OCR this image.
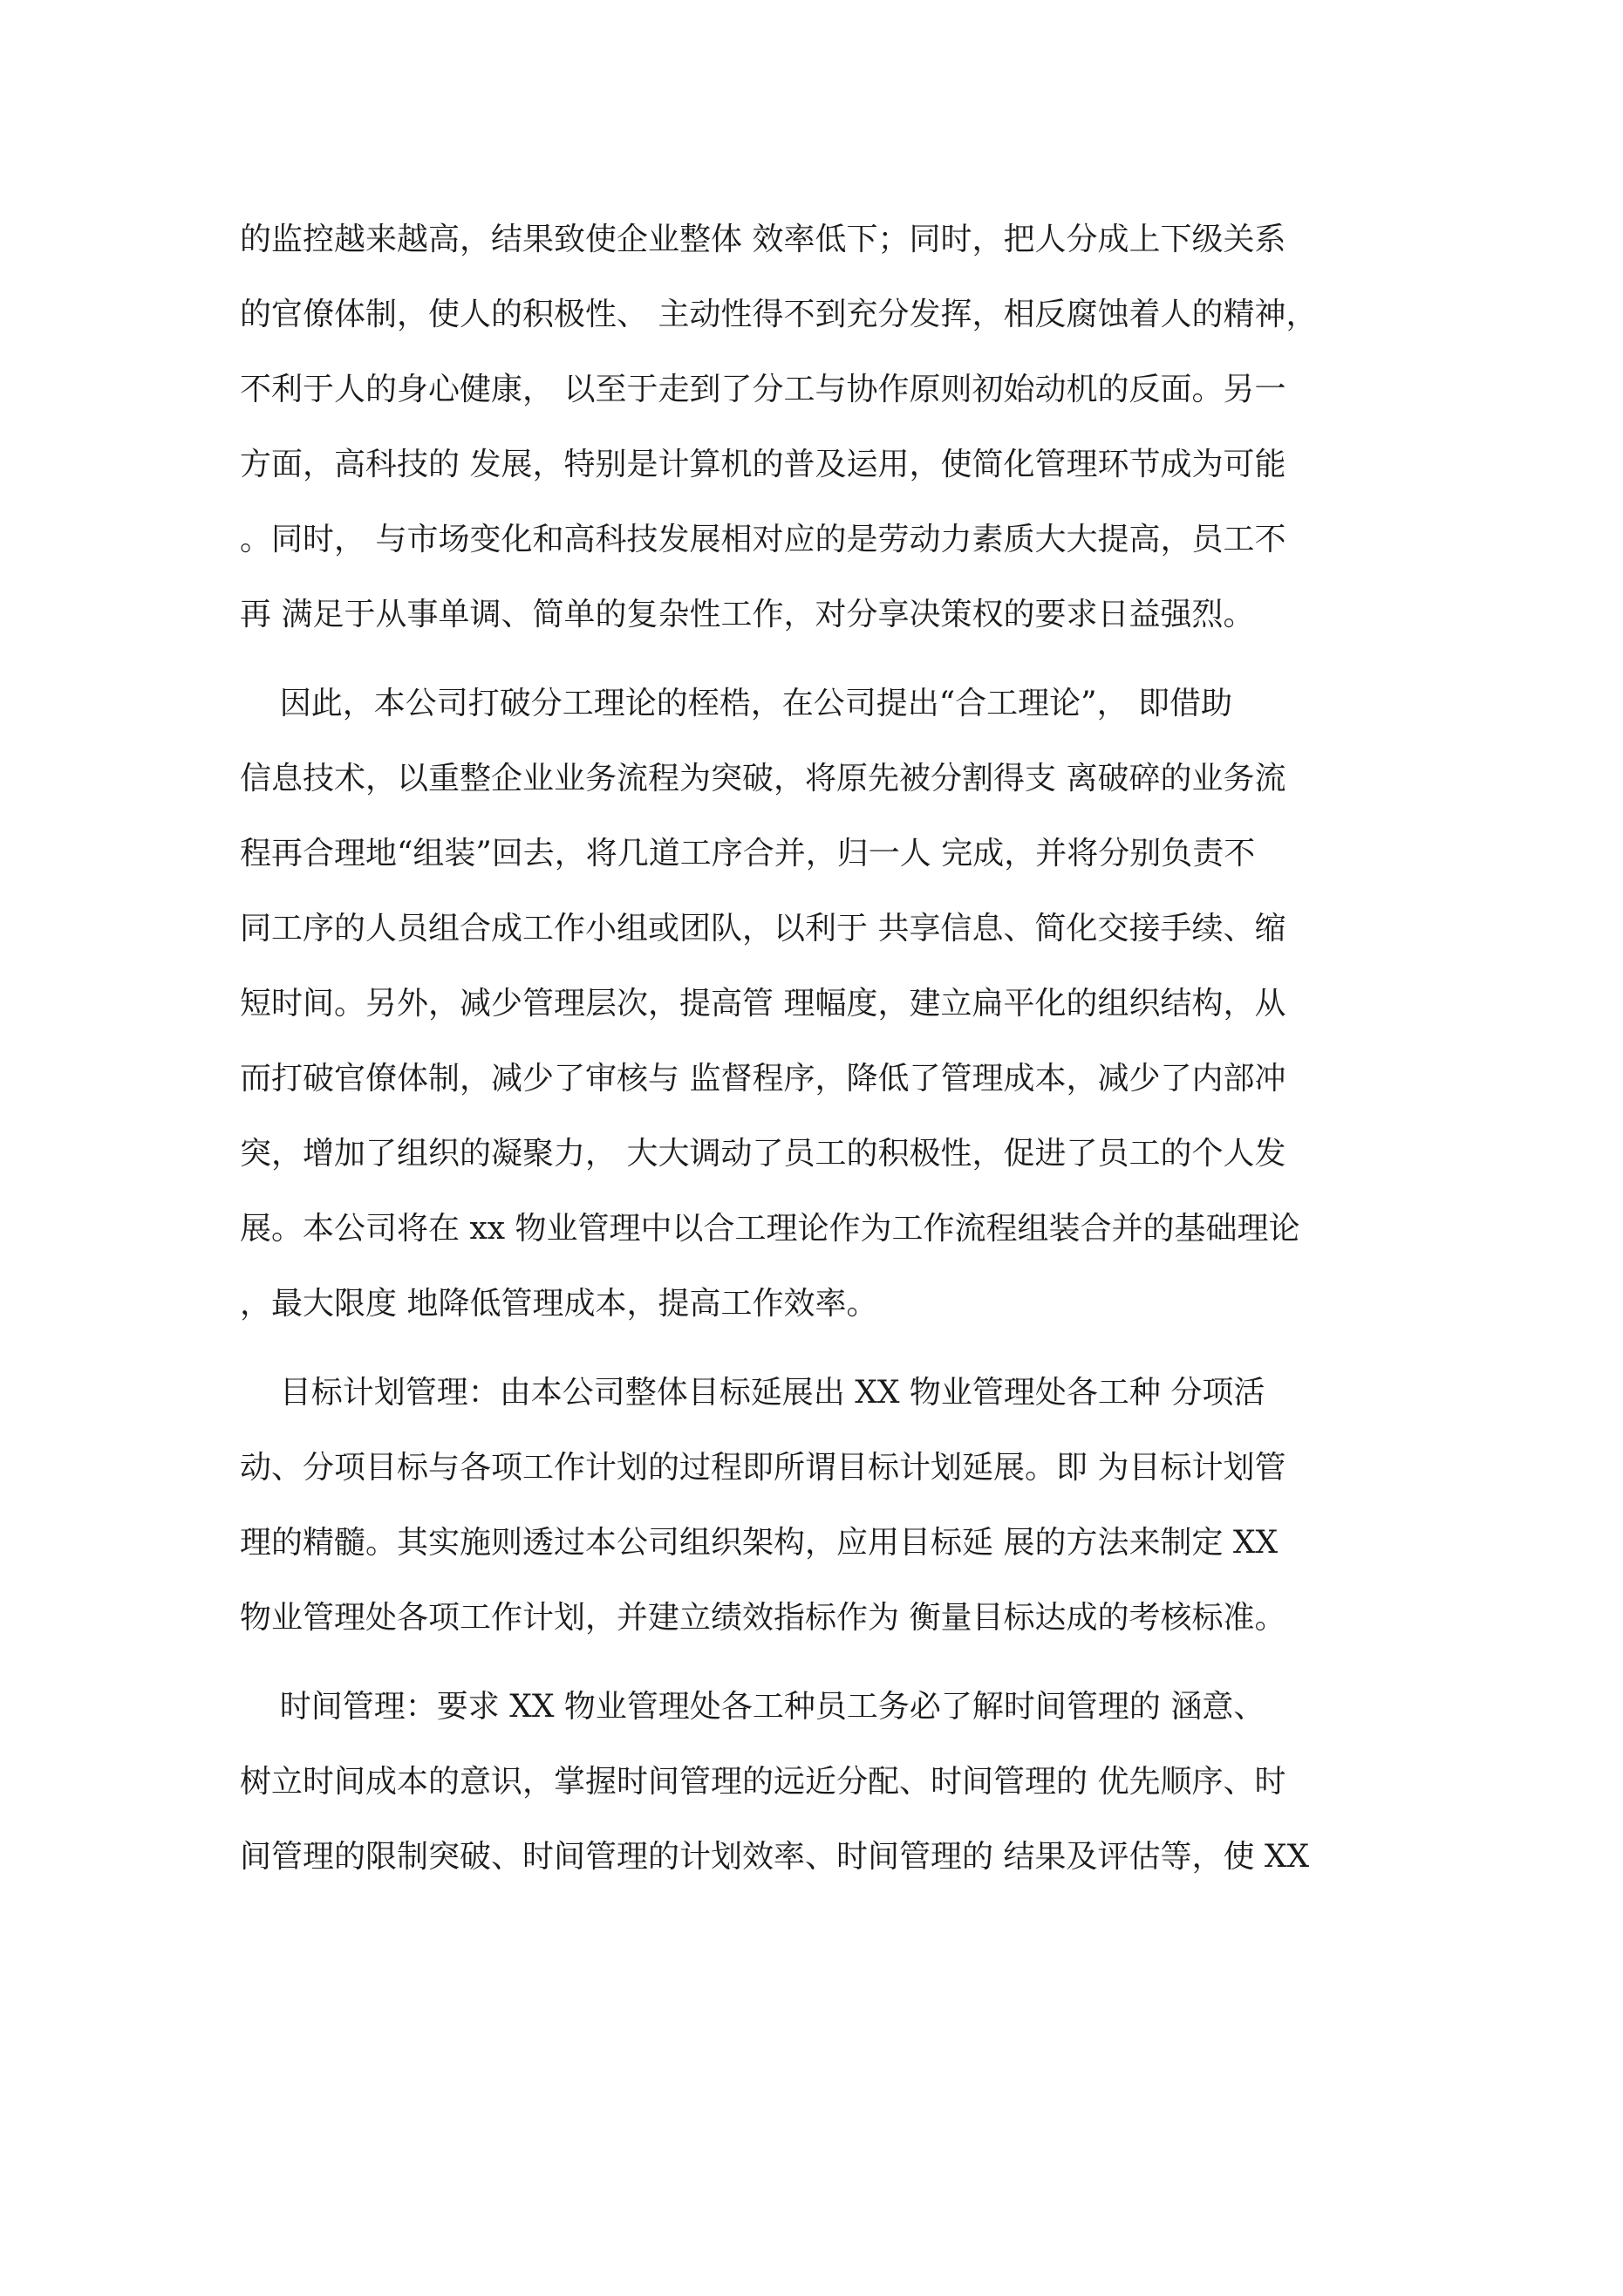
的监控越来越高，结果致使企业整体 效率低下；同时，把人分成上下级关系
的官僚体制，使人的积极性、 主动性得不到充分发挥，相反腐蚀着人的精神，
不利于人的身心健康， 以至于走到了分工与协作原则初始动机的反面。另一
方面，高科技的 发展，特别是计算机的普及运用，使简化管理环节成为可能
。同时， 与市场变化和高科技发展相对应的是劳动力素质大大提高，员工不
再 满足于从事单调、简单的复杂性工作，对分享决策权的要求日益强烈。
因此，本公司打破分工理论的桎梏，在公司提出“合工理论”， 即借助
信息技术，以重整企业业务流程为突破，将原先被分割得支 离破碎的业务流
程再合理地“组装”回去，将几道工序合并，归一人 完成，并将分别负责不
同工序的人员组合成工作小组或团队，以利于 共享信息、简化交接手续、缩
短时间。另外，减少管理层次，提高管 理幅度，建立扁平化的组织结构，从
而打破官僚体制，减少了审核与 监督程序，降低了管理成本，减少了内部冲
突，增加了组织的凝聚力， 大大调动了员工的积极性，促进了员工的个人发
展。本公司将在 xx 物业管理中以合工理论作为工作流程组装合并的基础理论
，最大限度 地降低管理成本，提高工作效率。
目标计划管理：由本公司整体目标延展出 XX 物业管理处各工种 分项活
动、分项目标与各项工作计划的过程即所谓目标计划延展。即 为目标计划管
理的精髓。其实施则透过本公司组织架构，应用目标延 展的方法来制定 XX
物业管理处各项工作计划，并建立绩效指标作为 衡量目标达成的考核标准。
时间管理：要求 XX 物业管理处各工种员工务必了解时间管理的 涵意、
树立时间成本的意识，掌握时间管理的远近分配、时间管理的 优先顺序、时
间管理的限制突破、时间管理的计划效率、时间管理的 结果及评估等，使 XX
